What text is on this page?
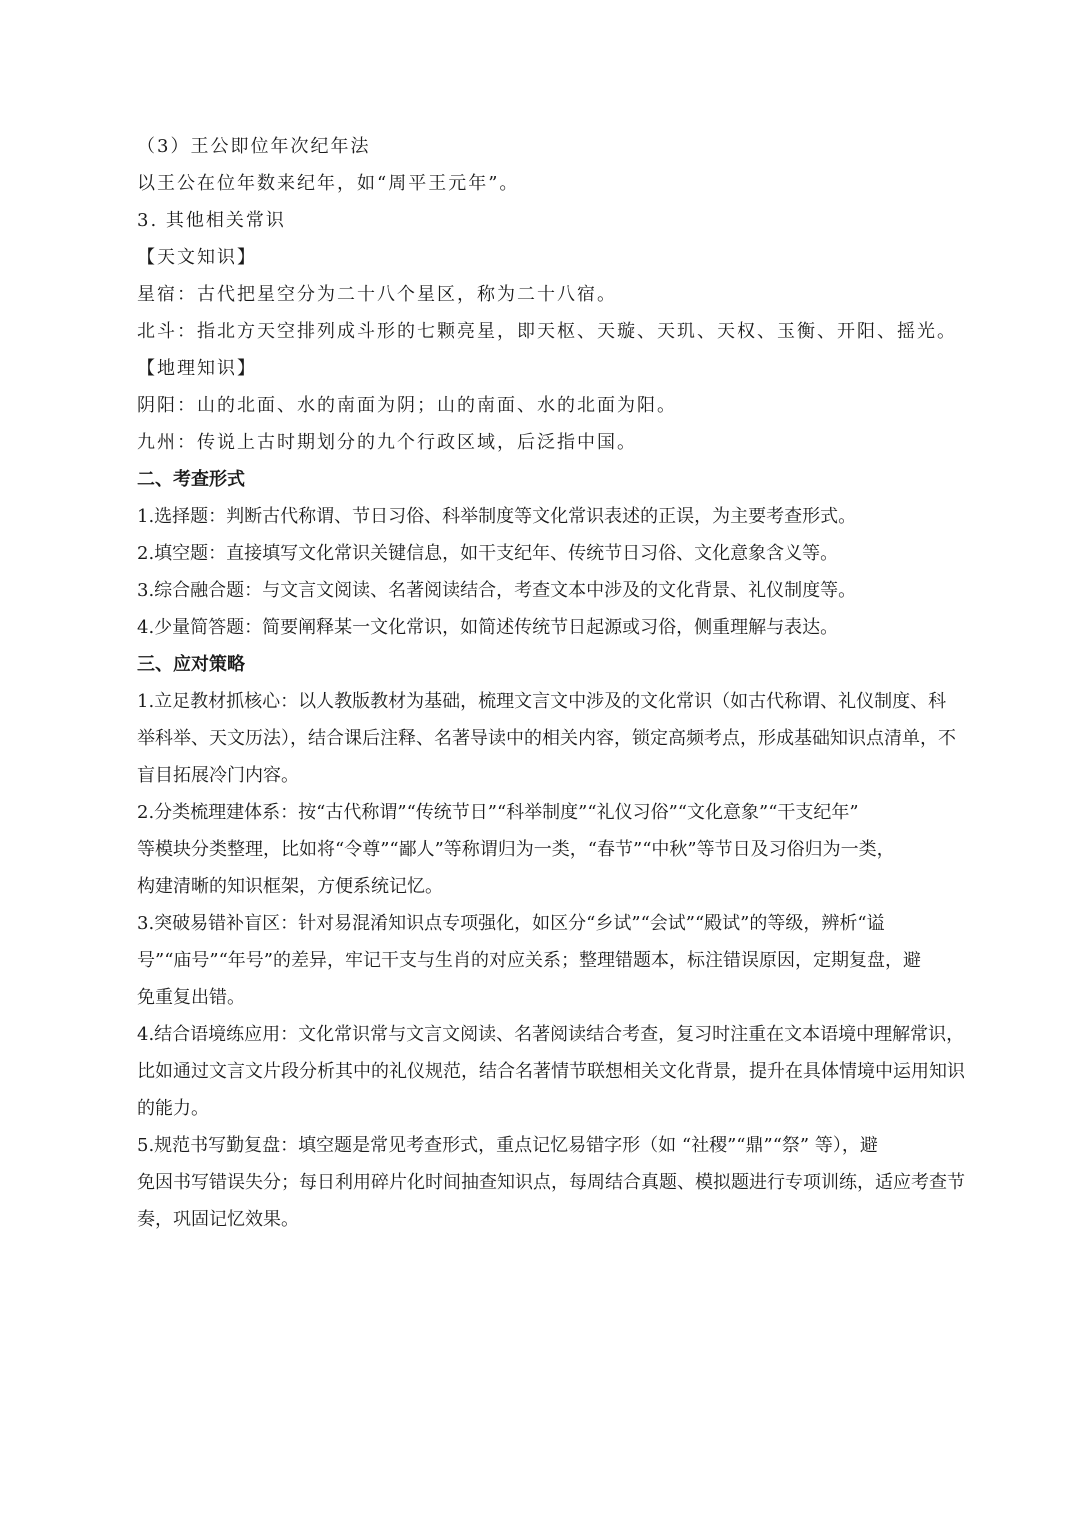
（3）王公即位年次纪年法
以王公在位年数来纪年，如“周平王元年”。
3. 其他相关常识
【天文知识】
星宿：古代把星空分为二十八个星区，称为二十八宿。
北斗：指北方天空排列成斗形的七颗亮星，即天枢、天璇、天玑、天权、玉衡、开阳、摇光。
【地理知识】
阴阳：山的北面、水的南面为阴；山的南面、水的北面为阳。
九州：传说上古时期划分的九个行政区域，后泛指中国。
二、考查形式
1.选择题：判断古代称谓、节日习俗、科举制度等文化常识表述的正误，为主要考查形式。
2.填空题：直接填写文化常识关键信息，如干支纪年、传统节日习俗、文化意象含义等。
3.综合融合题：与文言文阅读、名著阅读结合，考查文本中涉及的文化背景、礼仪制度等。
4.少量简答题：简要阐释某一文化常识，如简述传统节日起源或习俗，侧重理解与表达。
三、应对策略
1.立足教材抓核心：以人教版教材为基础，梳理文言文中涉及的文化常识（如古代称谓、礼仪制度、科
举科举、天文历法），结合课后注释、名著导读中的相关内容，锁定高频考点，形成基础知识点清单，不
盲目拓展冷门内容。
2.分类梳理建体系：按“古代称谓”“传统节日”“科举制度”“礼仪习俗”“文化意象”“干支纪年”
等模块分类整理，比如将“令尊”“鄙人”等称谓归为一类，“春节”“中秋”等节日及习俗归为一类，
构建清晰的知识框架，方便系统记忆。
3.突破易错补盲区：针对易混淆知识点专项强化，如区分“乡试”“会试”“殿试”的等级，辨析“谥
号”“庙号”“年号”的差异，牢记干支与生肖的对应关系；整理错题本，标注错误原因，定期复盘，避
免重复出错。
4.结合语境练应用：文化常识常与文言文阅读、名著阅读结合考查，复习时注重在文本语境中理解常识，
比如通过文言文片段分析其中的礼仪规范，结合名著情节联想相关文化背景，提升在具体情境中运用知识
的能力。
5.规范书写勤复盘：填空题是常见考查形式，重点记忆易错字形（如 “社稷”“鼎”“祭” 等），避
免因书写错误失分；每日利用碎片化时间抽查知识点，每周结合真题、模拟题进行专项训练，适应考查节
奏，巩固记忆效果。
